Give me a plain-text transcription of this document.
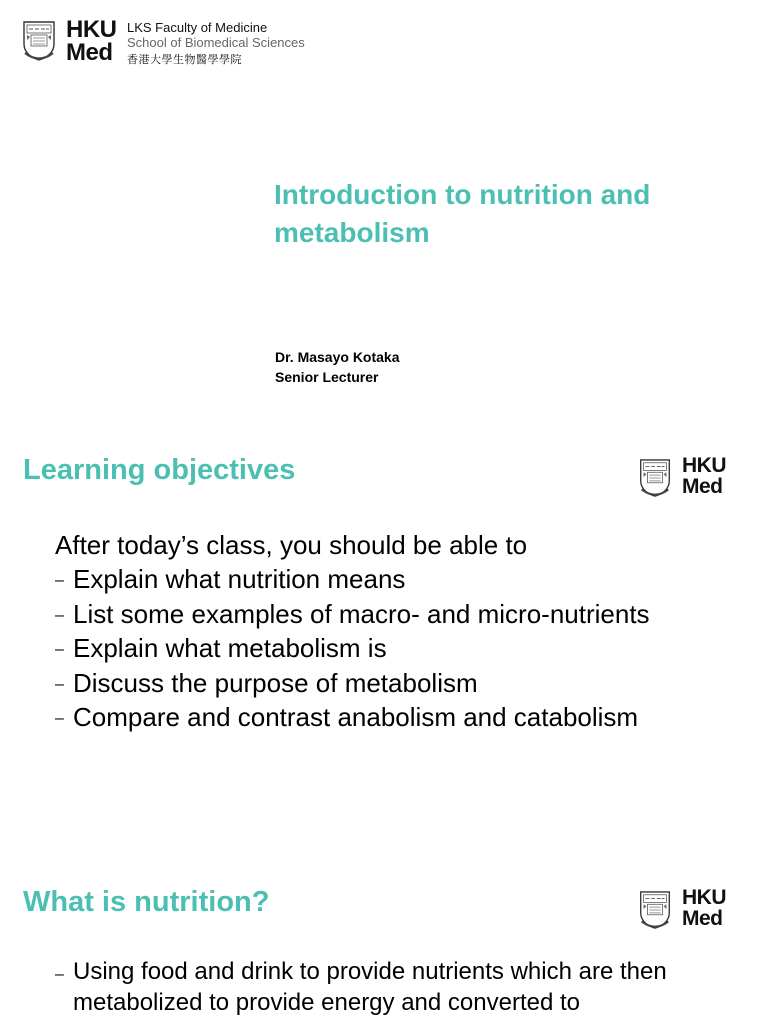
HKU
Med
LKS Faculty of Medicine
School of Biomedical Sciences
香港大學生物醫學學院
Introduction to nutrition and metabolism
Dr. Masayo Kotaka
Senior Lecturer
Learning objectives	HKU
Med
After today’s class, you should be able to
– Explain what nutrition means
– List some examples of macro- and micro-nutrients
– Explain what metabolism is
– Discuss the purpose of metabolism
– Compare and contrast anabolism and catabolism
What is nutrition?	HKU
Med
– Using food and drink to provide nutrients which are then metabolized to provide energy and converted to
